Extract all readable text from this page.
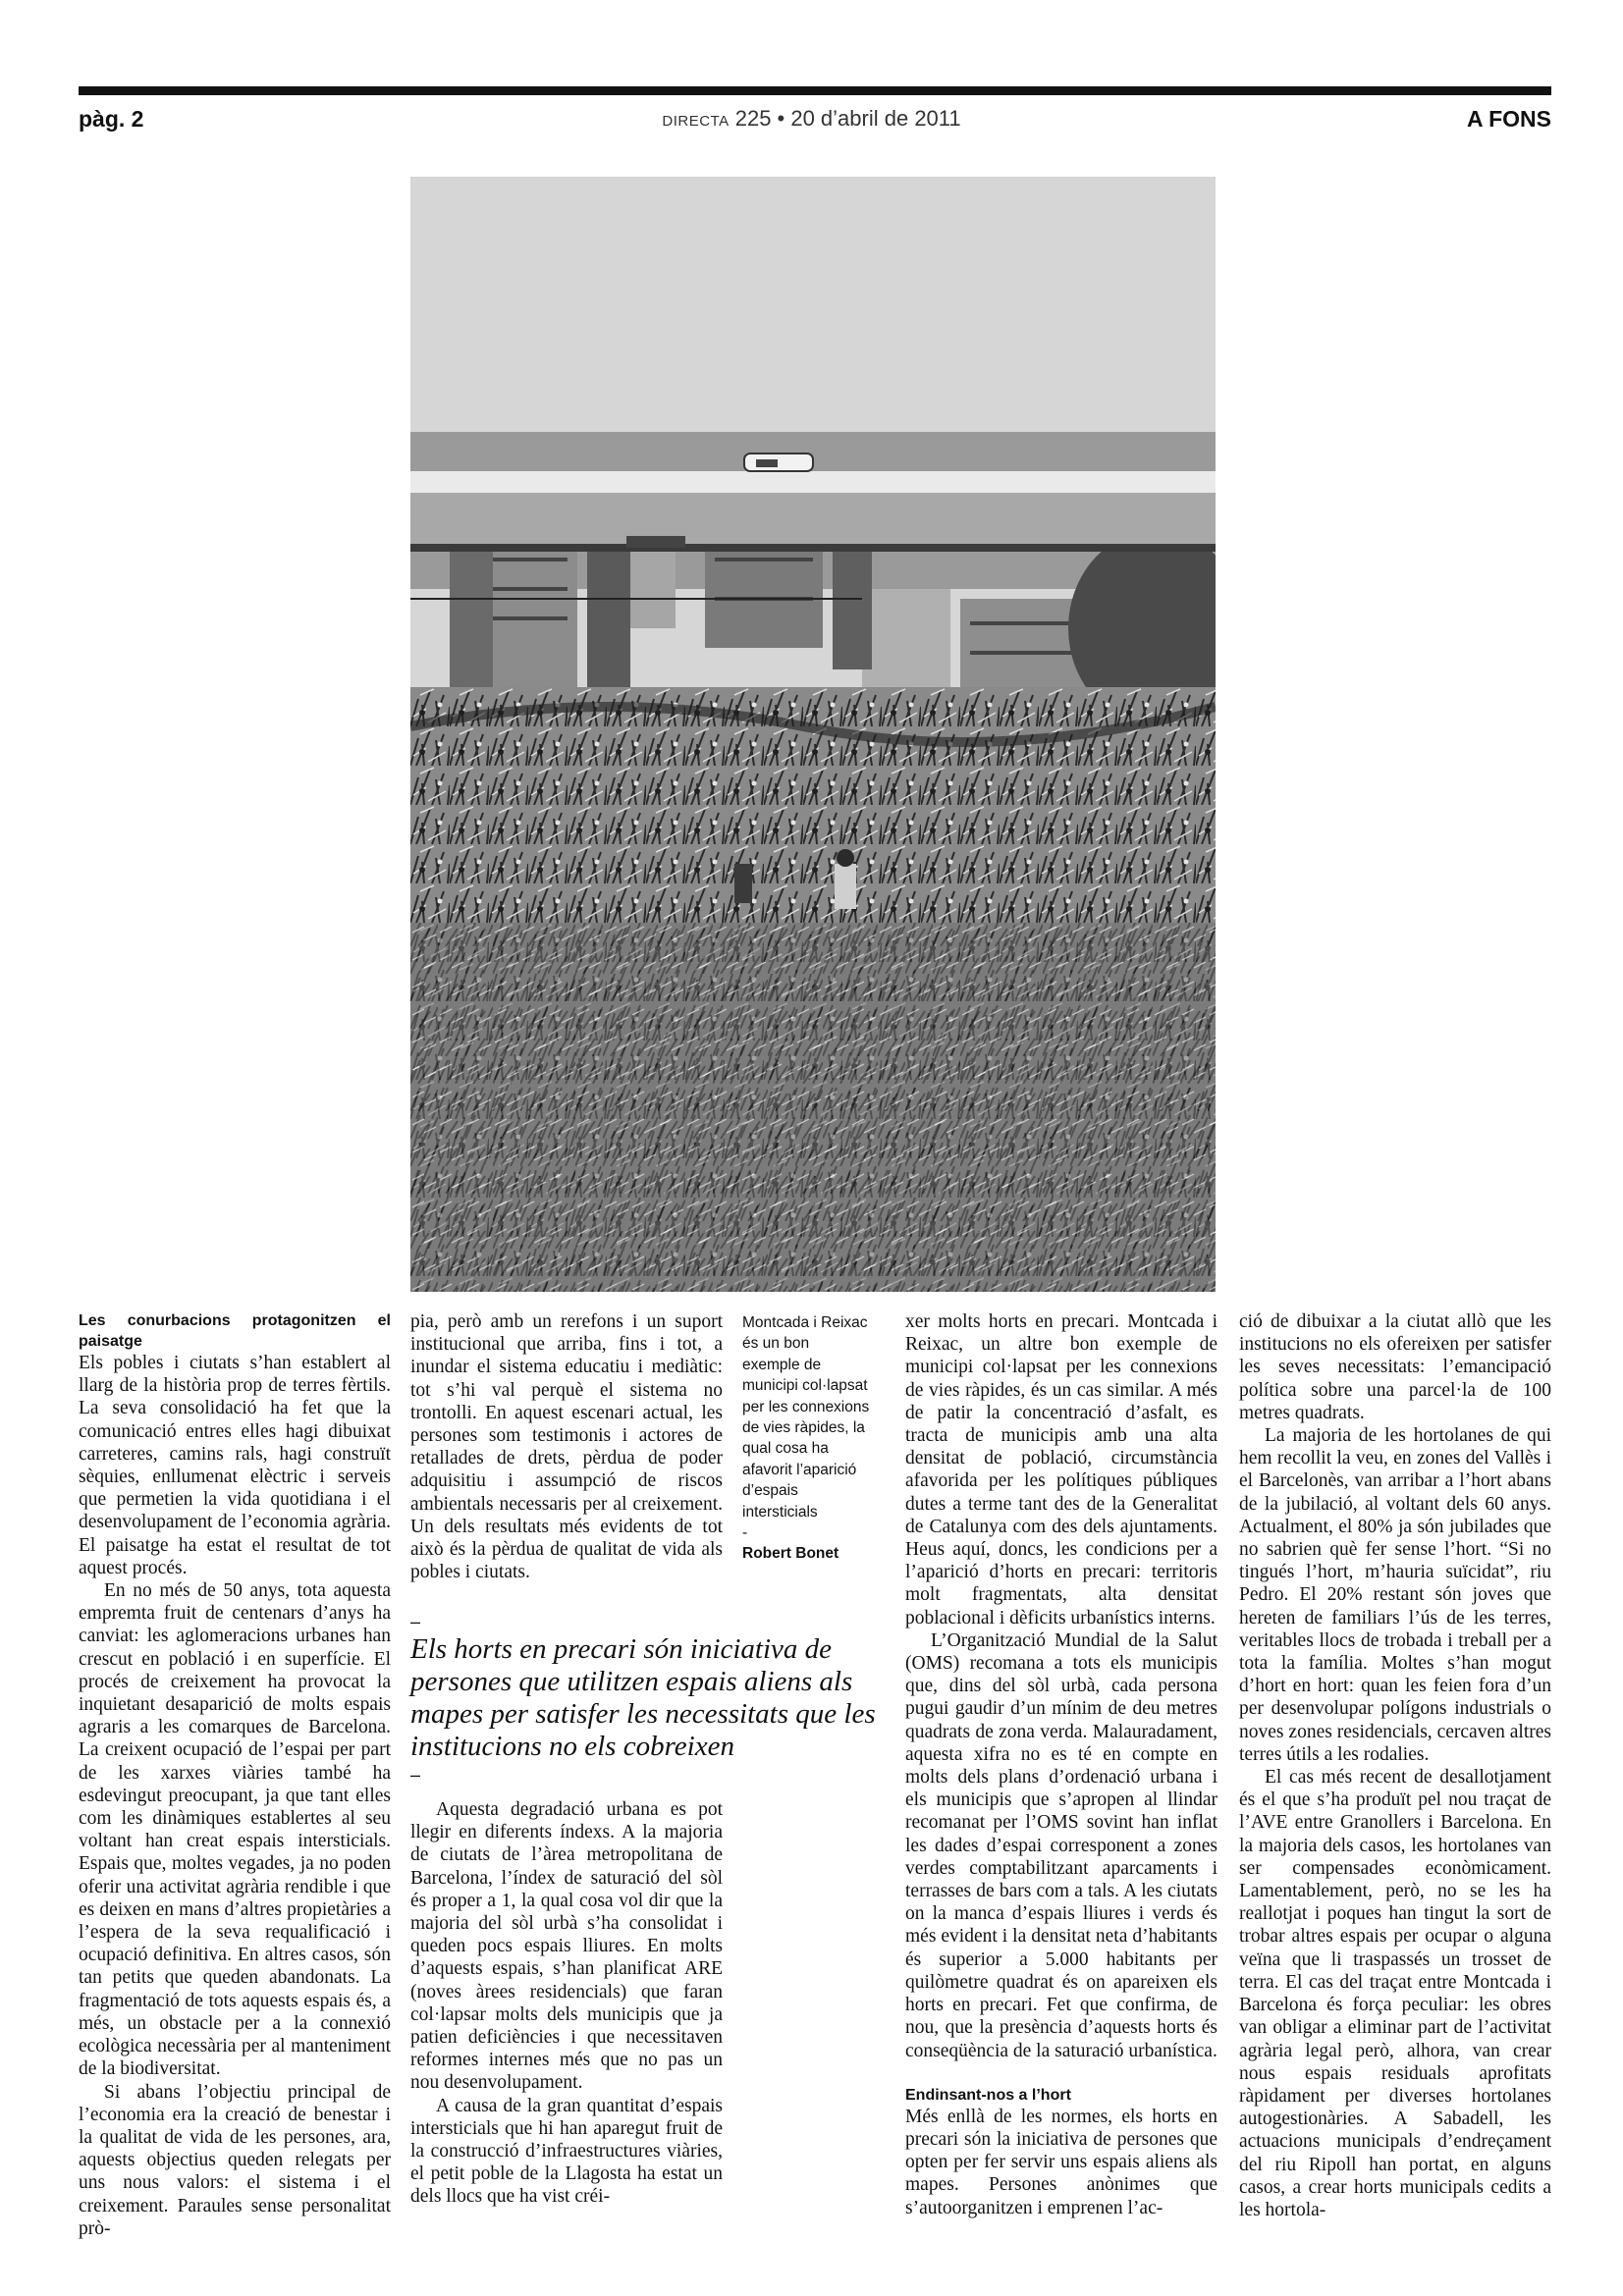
pàg. 2	DIRECTA 225 • 20 d’abril de 2011	A FONS

Les conurbacions protagonitzen el paisatge

Els pobles i ciutats s’han establert al llarg de la història prop de terres fèrtils. La seva consolidació ha fet que la comunicació entres elles hagi dibuixat carreteres, camins rals, hagi construït sèquies, enllumenat elèctric i serveis que permetien la vida quotidiana i el desenvolupament de l’economia agrària. El paisatge ha estat el resultat de tot aquest procés.

En no més de 50 anys, tota aquesta empremta fruit de centenars d’anys ha canviat: les aglomeracions urbanes han crescut en població i en superfície. El procés de creixement ha provocat la inquietant desaparició de molts espais agraris a les comarques de Barcelona. La creixent ocupació de l’espai per part de les xarxes viàries també ha esdevingut preocupant, ja que tant elles com les dinàmiques establertes al seu voltant han creat espais intersticials. Espais que, moltes vegades, ja no poden oferir una activitat agrària rendible i que es deixen en mans d’altres propietàries a l’espera de la seva requalificació i ocupació definitiva. En altres casos, són tan petits que queden abandonats. La fragmentació de tots aquests espais és, a més, un obstacle per a la connexió ecològica necessària per al manteniment de la biodiversitat.

Si abans l’objectiu principal de l’economia era la creació de benestar i la qualitat de vida de les persones, ara, aquests objectius queden relegats per uns nous valors: el sistema i el creixement. Paraules sense personalitat prò-

pia, però amb un rerefons i un suport institucional que arriba, fins i tot, a inundar el sistema educatiu i mediàtic: tot s’hi val perquè el sistema no trontolli. En aquest escenari actual, les persones som testimonis i actores de retallades de drets, pèrdua de poder adquisitiu i assumpció de riscos ambientals necessaris per al creixement. Un dels resultats més evidents de tot això és la pèrdua de qualitat de vida als pobles i ciutats.

Montcada i Reixac és un bon exemple de municipi col·lapsat per les connexions de vies ràpides, la qual cosa ha afavorit l’aparició d’espais intersticials
-
Robert Bonet
–

Els horts en precari són iniciativa de persones que utilitzen espais aliens als mapes per satisfer les necessitats que les institucions no els cobreixen

–

Aquesta degradació urbana es pot llegir en diferents índexs. A la majoria de ciutats de l’àrea metropolitana de Barcelona, l’índex de saturació del sòl és proper a 1, la qual cosa vol dir que la majoria del sòl urbà s’ha consolidat i queden pocs espais lliures. En molts d’aquests espais, s’han planificat ARE (noves àrees residencials) que faran col·lapsar molts dels municipis que ja patien deficiències i que necessitaven reformes internes més que no pas un nou desenvolupament.

A causa de la gran quantitat d’espais intersticials que hi han aparegut fruit de la construcció d’infraestructures viàries, el petit poble de la Llagosta ha estat un dels llocs que ha vist créi-

xer molts horts en precari. Montcada i Reixac, un altre bon exemple de municipi col·lapsat per les connexions de vies ràpides, és un cas similar. A més de patir la concentració d’asfalt, es tracta de municipis amb una alta densitat de població, circumstància afavorida per les polítiques públiques dutes a terme tant des de la Generalitat de Catalunya com des dels ajuntaments. Heus aquí, doncs, les condicions per a l’aparició d’horts en precari: territoris molt fragmentats, alta densitat poblacional i dèficits urbanístics interns.

L’Organització Mundial de la Salut (OMS) recomana a tots els municipis que, dins del sòl urbà, cada persona pugui gaudir d’un mínim de deu metres quadrats de zona verda. Malauradament, aquesta xifra no es té en compte en molts dels plans d’ordenació urbana i els municipis que s’apropen al llindar recomanat per l’OMS sovint han inflat les dades d’espai corresponent a zones verdes comptabilitzant aparcaments i terrasses de bars com a tals. A les ciutats on la manca d’espais lliures i verds és més evident i la densitat neta d’habitants és superior a 5.000 habitants per quilòmetre quadrat és on apareixen els horts en precari. Fet que confirma, de nou, que la presència d’aquests horts és conseqüència de la saturació urbanística.

Endinsant-nos a l’hort

Més enllà de les normes, els horts en precari són la iniciativa de persones que opten per fer servir uns espais aliens als mapes. Persones anònimes que s’autoorganitzen i emprenen l’ac-

ció de dibuixar a la ciutat allò que les institucions no els ofereixen per satisfer les seves necessitats: l’emancipació política sobre una parcel·la de 100 metres quadrats.

La majoria de les hortolanes de qui hem recollit la veu, en zones del Vallès i el Barcelonès, van arribar a l’hort abans de la jubilació, al voltant dels 60 anys. Actualment, el 80% ja són jubilades que no sabrien què fer sense l’hort. “Si no tingués l’hort, m’hauria suïcidat”, riu Pedro. El 20% restant són joves que hereten de familiars l’ús de les terres, veritables llocs de trobada i treball per a tota la família. Moltes s’han mogut d’hort en hort: quan les feien fora d’un per desenvolupar polígons industrials o noves zones residencials, cercaven altres terres útils a les rodalies.

El cas més recent de desallotjament és el que s’ha produït pel nou traçat de l’AVE entre Granollers i Barcelona. En la majoria dels casos, les hortolanes van ser compensades econòmicament. Lamentablement, però, no se les ha reallotjat i poques han tingut la sort de trobar altres espais per ocupar o alguna veïna que li traspassés un trosset de terra. El cas del traçat entre Montcada i Barcelona és força peculiar: les obres van obligar a eliminar part de l’activitat agrària legal però, alhora, van crear nous espais residuals aprofitats ràpidament per diverses hortolanes autogestionàries. A Sabadell, les actuacions municipals d’endreçament del riu Ripoll han portat, en alguns casos, a crear horts municipals cedits a les hortola-
